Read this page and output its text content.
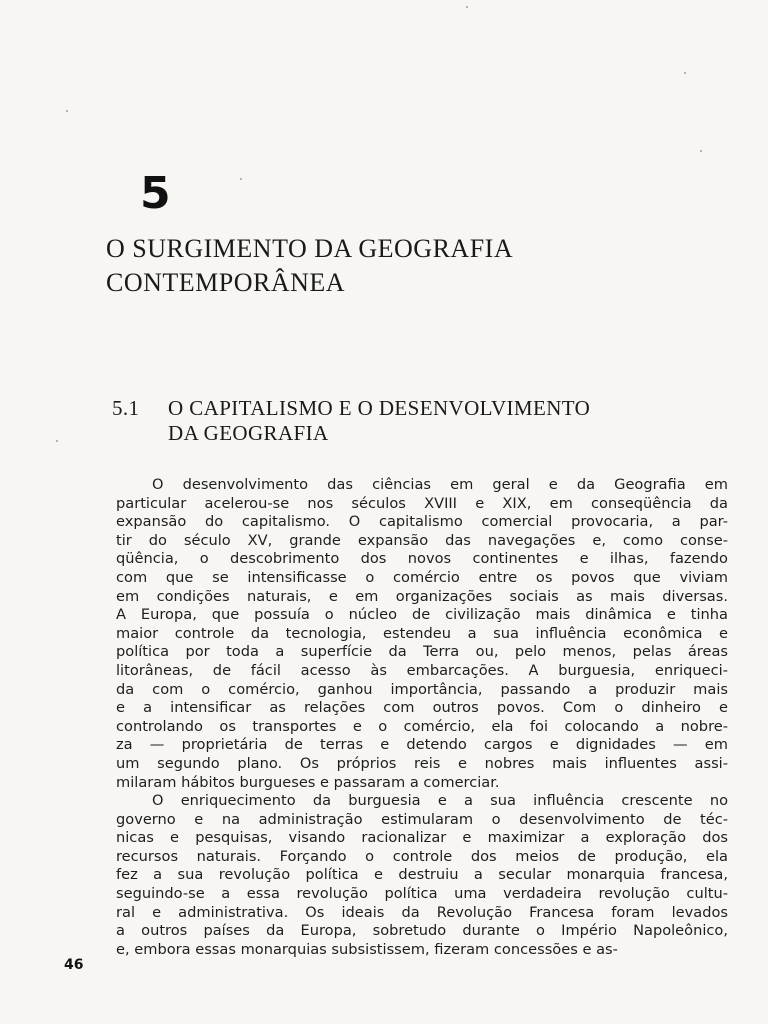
5
O SURGIMENTO DA GEOGRAFIA
CONTEMPORÂNEA
5.1 O CAPITALISMO E O DESENVOLVIMENTO
DA GEOGRAFIA
O desenvolvimento das ciências em geral e da Geografia em
particular acelerou-se nos séculos XVIII e XIX, em conseqüência da
expansão do capitalismo. O capitalismo comercial provocaria, a par-
tir do século XV, grande expansão das navegações e, como conse-
qüência, o descobrimento dos novos continentes e ilhas, fazendo
com que se intensificasse o comércio entre os povos que viviam
em condições naturais, e em organizações sociais as mais diversas.
A Europa, que possuía o núcleo de civilização mais dinâmica e tinha
maior controle da tecnologia, estendeu a sua influência econômica e
política por toda a superfície da Terra ou, pelo menos, pelas áreas
litorâneas, de fácil acesso às embarcações. A burguesia, enriqueci-
da com o comércio, ganhou importância, passando a produzir mais
e a intensificar as relações com outros povos. Com o dinheiro e
controlando os transportes e o comércio, ela foi colocando a nobre-
za — proprietária de terras e detendo cargos e dignidades — em
um segundo plano. Os próprios reis e nobres mais influentes assi-
milaram hábitos burgueses e passaram a comerciar.
O enriquecimento da burguesia e a sua influência crescente no
governo e na administração estimularam o desenvolvimento de téc-
nicas e pesquisas, visando racionalizar e maximizar a exploração dos
recursos naturais. Forçando o controle dos meios de produção, ela
fez a sua revolução política e destruiu a secular monarquia francesa,
seguindo-se a essa revolução política uma verdadeira revolução cultu-
ral e administrativa. Os ideais da Revolução Francesa foram levados
a outros países da Europa, sobretudo durante o Império Napoleônico,
e, embora essas monarquias subsistissem, fizeram concessões e as-
46
